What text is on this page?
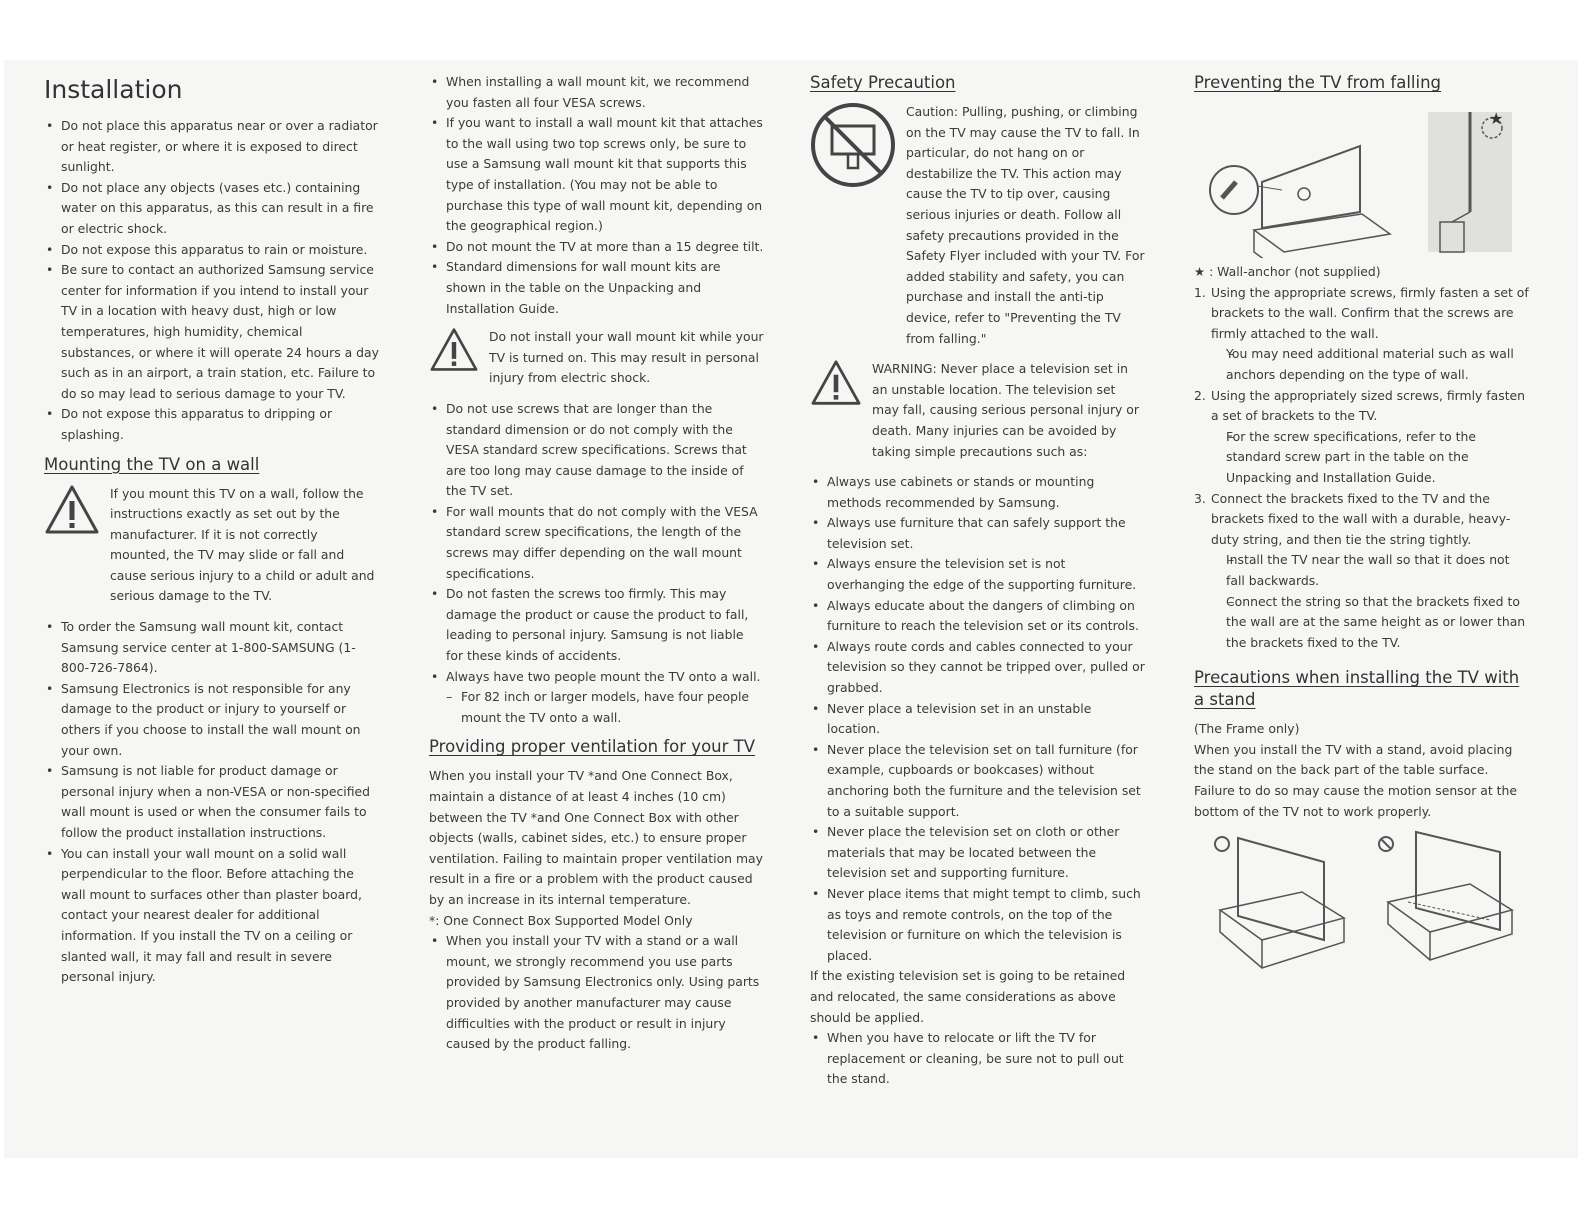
Installation
• Do not place this apparatus near or over a radiator or heat register, or where it is exposed to direct sunlight.
• Do not place any objects (vases etc.) containing water on this apparatus, as this can result in a fire or electric shock.
• Do not expose this apparatus to rain or moisture.
• Be sure to contact an authorized Samsung service center for information if you intend to install your TV in a location with heavy dust, high or low temperatures, high humidity, chemical substances, or where it will operate 24 hours a day such as in an airport, a train station, etc. Failure to do so may lead to serious damage to your TV.
• Do not expose this apparatus to dripping or splashing.
Mounting the TV on a wall
If you mount this TV on a wall, follow the instructions exactly as set out by the manufacturer. If it is not correctly mounted, the TV may slide or fall and cause serious injury to a child or adult and serious damage to the TV.
• To order the Samsung wall mount kit, contact Samsung service center at 1-800-SAMSUNG (1-800-726-7864).
• Samsung Electronics is not responsible for any damage to the product or injury to yourself or others if you choose to install the wall mount on your own.
• Samsung is not liable for product damage or personal injury when a non-VESA or non-specified wall mount is used or when the consumer fails to follow the product installation instructions.
• You can install your wall mount on a solid wall perpendicular to the floor. Before attaching the wall mount to surfaces other than plaster board, contact your nearest dealer for additional information. If you install the TV on a ceiling or slanted wall, it may fall and result in severe personal injury.
• When installing a wall mount kit, we recommend you fasten all four VESA screws.
• If you want to install a wall mount kit that attaches to the wall using two top screws only, be sure to use a Samsung wall mount kit that supports this type of installation. (You may not be able to purchase this type of wall mount kit, depending on the geographical region.)
• Do not mount the TV at more than a 15 degree tilt.
• Standard dimensions for wall mount kits are shown in the table on the Unpacking and Installation Guide.
Do not install your wall mount kit while your TV is turned on. This may result in personal injury from electric shock.
• Do not use screws that are longer than the standard dimension or do not comply with the VESA standard screw specifications. Screws that are too long may cause damage to the inside of the TV set.
• For wall mounts that do not comply with the VESA standard screw specifications, the length of the screws may differ depending on the wall mount specifications.
• Do not fasten the screws too firmly. This may damage the product or cause the product to fall, leading to personal injury. Samsung is not liable for these kinds of accidents.
• Always have two people mount the TV onto a wall.
– For 82 inch or larger models, have four people mount the TV onto a wall.
Providing proper ventilation for your TV

When you install your TV *and One Connect Box, maintain a distance of at least 4 inches (10 cm) between the TV *and One Connect Box with other objects (walls, cabinet sides, etc.) to ensure proper ventilation. Failing to maintain proper ventilation may result in a fire or a problem with the product caused by an increase in its internal temperature.

*: One Connect Box Supported Model Only

• When you install your TV with a stand or a wall mount, we strongly recommend you use parts provided by Samsung Electronics only. Using parts provided by another manufacturer may cause difficulties with the product or result in injury caused by the product falling.
Safety Precaution
Caution: Pulling, pushing, or climbing on the TV may cause the TV to fall. In particular, do not hang on or destabilize the TV. This action may cause the TV to tip over, causing serious injuries or death. Follow all safety precautions provided in the Safety Flyer included with your TV. For added stability and safety, you can purchase and install the anti-tip device, refer to "Preventing the TV from falling."
WARNING: Never place a television set in an unstable location. The television set may fall, causing serious personal injury or death. Many injuries can be avoided by taking simple precautions such as:
• Always use cabinets or stands or mounting methods recommended by Samsung.
• Always use furniture that can safely support the television set.
• Always ensure the television set is not overhanging the edge of the supporting furniture.
• Always educate about the dangers of climbing on furniture to reach the television set or its controls.
• Always route cords and cables connected to your television so they cannot be tripped over, pulled or grabbed.
• Never place a television set in an unstable location.
• Never place the television set on tall furniture (for example, cupboards or bookcases) without anchoring both the furniture and the television set to a suitable support.
• Never place the television set on cloth or other materials that may be located between the television set and supporting furniture.
• Never place items that might tempt to climb, such as toys and remote controls, on the top of the television or furniture on which the television is placed.

If the existing television set is going to be retained and relocated, the same considerations as above should be applied.

• When you have to relocate or lift the TV for replacement or cleaning, be sure not to pull out the stand.
Preventing the TV from falling
★

★ : Wall-anchor (not supplied)

1. Using the appropriate screws, firmly fasten a set of brackets to the wall. Confirm that the screws are firmly attached to the wall.
– You may need additional material such as wall anchors depending on the type of wall.
2. Using the appropriately sized screws, firmly fasten a set of brackets to the TV.
– For the screw specifications, refer to the standard screw part in the table on the Unpacking and Installation Guide.
3. Connect the brackets fixed to the TV and the brackets fixed to the wall with a durable, heavy-duty string, and then tie the string tightly.
– Install the TV near the wall so that it does not fall backwards.
– Connect the string so that the brackets fixed to the wall are at the same height as or lower than the brackets fixed to the TV.
Precautions when installing the TV with a stand

(The Frame only)

When you install the TV with a stand, avoid placing the stand on the back part of the table surface. Failure to do so may cause the motion sensor at the bottom of the TV not to work properly.
